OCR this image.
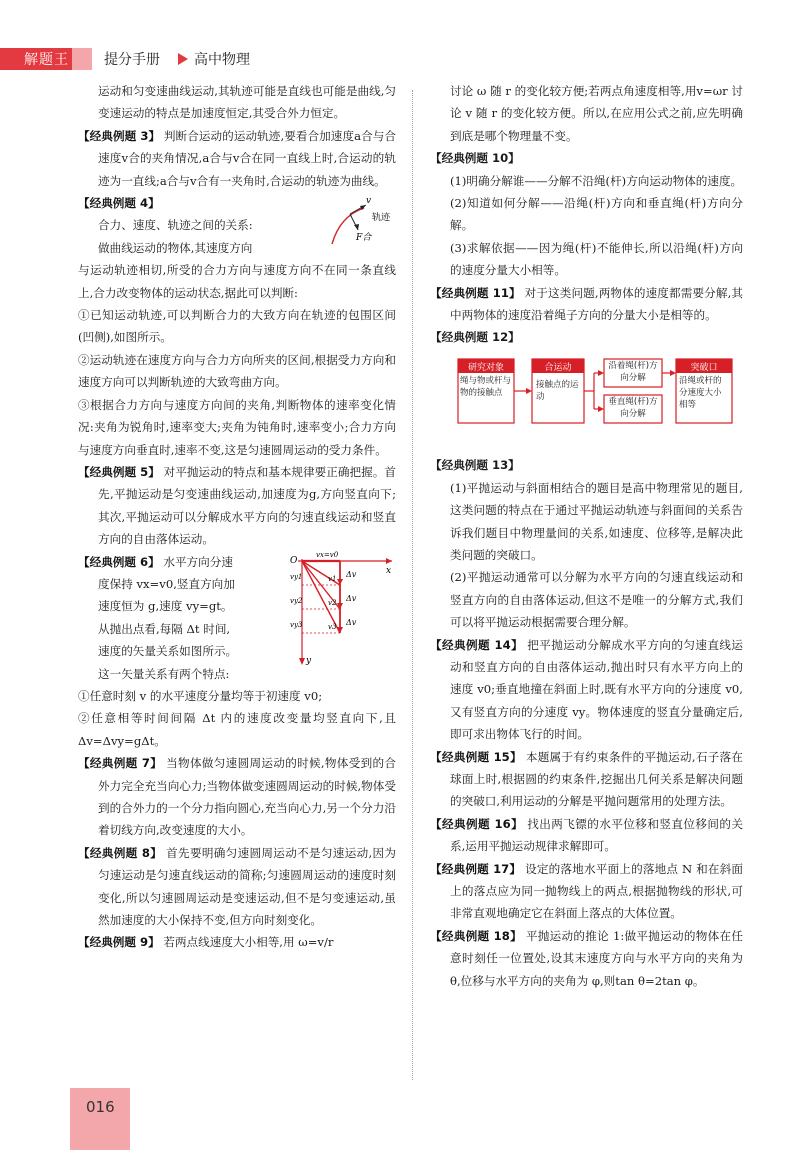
解题王	提分手册 高中物理
运动和匀变速曲线运动,其轨迹可能是直线也可能是曲线,匀变速运动的特点是加速度恒定,其受合外力恒定。
【经典例题 3】 判断合运动的运动轨迹,要看合加速度a合与合速度v合的夹角情况,a合与v合在同一直线上时,合运动的轨迹为一直线;a合与v合有一夹角时,合运动的轨迹为曲线。
【经典例题 4】	v
轨迹
F合
合力、速度、轨迹之间的关系:
做曲线运动的物体,其速度方向
与运动轨迹相切,所受的合力方向与速度方向不在同一条直线上,合力改变物体的运动状态,据此可以判断:
①已知运动轨迹,可以判断合力的大致方向在轨迹的包围区间(凹侧),如图所示。
②运动轨迹在速度方向与合力方向所夹的区间,根据受力方向和速度方向可以判断轨迹的大致弯曲方向。
③根据合力方向与速度方向间的夹角,判断物体的速率变化情况:夹角为锐角时,速率变大;夹角为钝角时,速率变小;合力方向与速度方向垂直时,速率不变,这是匀速圆周运动的受力条件。
【经典例题 5】 对平抛运动的特点和基本规律要正确把握。首先,平抛运动是匀变速曲线运动,加速度为g,方向竖直向下;其次,平抛运动可以分解成水平方向的匀速直线运动和竖直方向的自由落体运动。
O
x
y
vx=v0
vy1
vy2
vy3
v1
v2
v3
Δv
Δv
Δv
【经典例题 6】 水平方向分速
度保持 vx=v0,竖直方向加
速度恒为 g,速度 vy=gt。
从抛出点看,每隔 Δt 时间,
速度的矢量关系如图所示。
这一矢量关系有两个特点:
①任意时刻 v 的水平速度分量均等于初速度 v0;
②任意相等时间间隔 Δt 内的速度改变量均竖直向下,且 Δv=Δvy=gΔt。
【经典例题 7】 当物体做匀速圆周运动的时候,物体受到的合外力完全充当向心力;当物体做变速圆周运动的时候,物体受到的合外力的一个分力指向圆心,充当向心力,另一个分力沿着切线方向,改变速度的大小。
【经典例题 8】 首先要明确匀速圆周运动不是匀速运动,因为匀速运动是匀速直线运动的简称;匀速圆周运动的速度时刻变化,所以匀速圆周运动是变速运动,但不是匀变速运动,虽然加速度的大小保持不变,但方向时刻变化。
【经典例题 9】 若两点线速度大小相等,用 ω=v/r
讨论 ω 随 r 的变化较方便;若两点角速度相等,用v=ωr 讨论 v 随 r 的变化较方便。所以,在应用公式之前,应先明确到底是哪个物理量不变。
【经典例题 10】
(1)明确分解谁——分解不沿绳(杆)方向运动物体的速度。
(2)知道如何分解——沿绳(杆)方向和垂直绳(杆)方向分解。
(3)求解依据——因为绳(杆)不能伸长,所以沿绳(杆)方向的速度分量大小相等。
【经典例题 11】 对于这类问题,两物体的速度都需要分解,其中两物体的速度沿着绳子方向的分量大小是相等的。
【经典例题 12】
研究对象
绳与物或杆与物的接触点
合运动
接触点的运动
沿着绳(杆)方向分解
垂直绳(杆)方向分解
突破口
沿绳或杆的分速度大小相等
【经典例题 13】
(1)平抛运动与斜面相结合的题目是高中物理常见的题目,这类问题的特点在于通过平抛运动轨迹与斜面间的关系告诉我们题目中物理量间的关系,如速度、位移等,是解决此类问题的突破口。
(2)平抛运动通常可以分解为水平方向的匀速直线运动和竖直方向的自由落体运动,但这不是唯一的分解方式,我们可以将平抛运动根据需要合理分解。
【经典例题 14】 把平抛运动分解成水平方向的匀速直线运动和竖直方向的自由落体运动,抛出时只有水平方向上的速度 v0;垂直地撞在斜面上时,既有水平方向的分速度 v0,又有竖直方向的分速度 vy。物体速度的竖直分量确定后,即可求出物体飞行的时间。
【经典例题 15】 本题属于有约束条件的平抛运动,石子落在球面上时,根据圆的约束条件,挖掘出几何关系是解决问题的突破口,利用运动的分解是平抛问题常用的处理方法。
【经典例题 16】 找出两飞镖的水平位移和竖直位移间的关系,运用平抛运动规律求解即可。
【经典例题 17】 设定的落地水平面上的落地点 N 和在斜面上的落点应为同一抛物线上的两点,根据抛物线的形状,可非常直观地确定它在斜面上落点的大体位置。
【经典例题 18】 平抛运动的推论 1:做平抛运动的物体在任意时刻任一位置处,设其末速度方向与水平方向的夹角为 θ,位移与水平方向的夹角为 φ,则tan θ=2tan φ。
016
